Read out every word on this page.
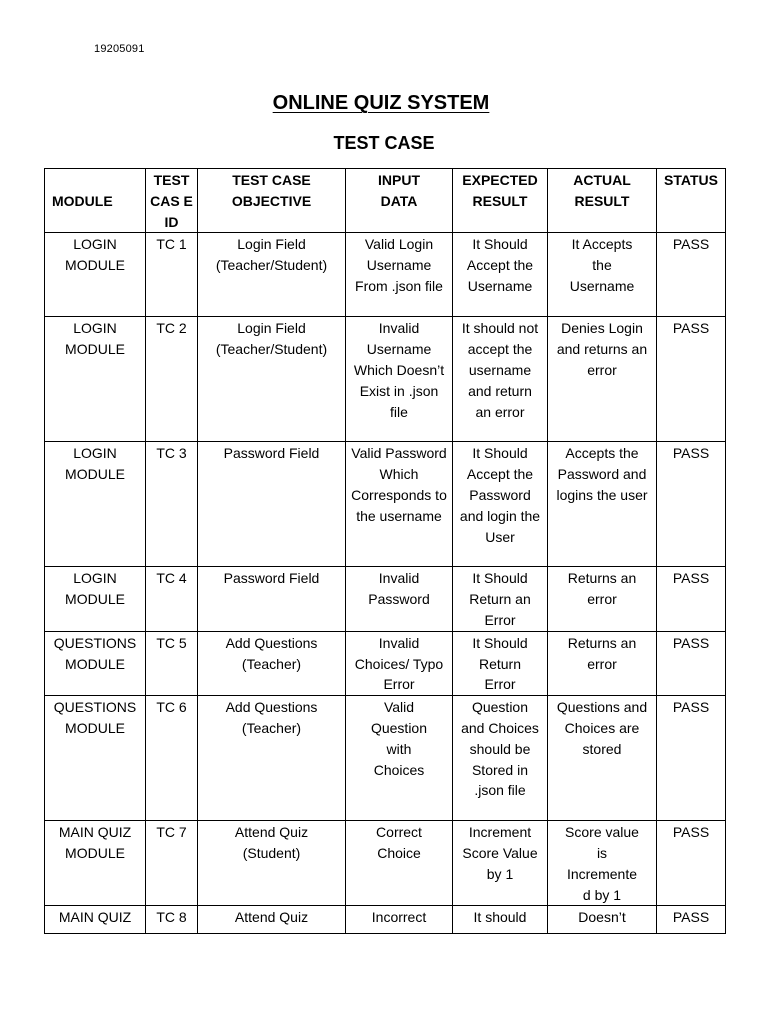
19205091
ONLINE QUIZ SYSTEM
TEST CASE
MODULE	TEST CAS E ID	TEST CASE OBJECTIVE	INPUT DATA	EXPECTED RESULT	ACTUAL RESULT	STATUS
LOGIN MODULE	TC 1	Login Field (Teacher/Student)	Valid Login Username From .json file	It Should Accept the Username	It Accepts the Username	PASS
LOGIN MODULE	TC 2	Login Field (Teacher/Student)	Invalid Username Which Doesn’t Exist in .json file	It should not accept the username and return an error	Denies Login and returns an error	PASS
LOGIN MODULE	TC 3	Password Field	Valid Password Which Corresponds to the username	It Should Accept the Password and login the User	Accepts the Password and logins the user	PASS
LOGIN MODULE	TC 4	Password Field	Invalid Password	It Should Return an Error	Returns an error	PASS
QUESTIONS MODULE	TC 5	Add Questions (Teacher)	Invalid Choices/ Typo Error	It Should Return Error	Returns an error	PASS
QUESTIONS MODULE	TC 6	Add Questions (Teacher)	Valid Question with Choices	Question and Choices should be Stored in .json file	Questions and Choices are stored	PASS
MAIN QUIZ MODULE	TC 7	Attend Quiz (Student)	Correct Choice	Increment Score Value by 1	Score value is Incremente d by 1	PASS
MAIN QUIZ	TC 8	Attend Quiz	Incorrect	It should	Doesn’t	PASS
